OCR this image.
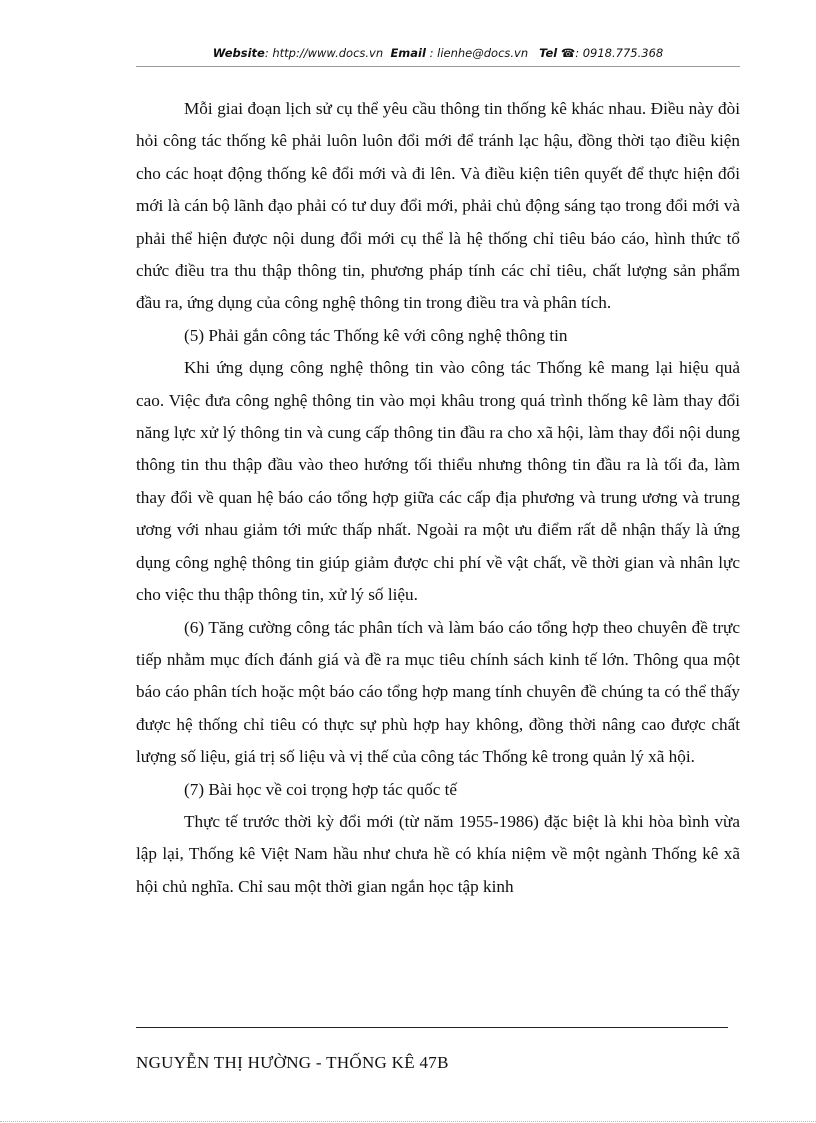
Website: http://www.docs.vn Email : lienhe@docs.vn Tel ☎: 0918.775.368

Mỗi giai đoạn lịch sử cụ thể yêu cầu thông tin thống kê khác nhau. Điều này đòi hỏi công tác thống kê phải luôn luôn đổi mới để tránh lạc hậu, đồng thời tạo điều kiện cho các hoạt động thống kê đổi mới và đi lên. Và điều kiện tiên quyết để thực hiện đổi mới là cán bộ lãnh đạo phải có tư duy đổi mới, phải chủ động sáng tạo trong đổi mới và phải thể hiện được nội dung đổi mới cụ thể là hệ thống chỉ tiêu báo cáo, hình thức tổ chức điều tra thu thập thông tin, phương pháp tính các chỉ tiêu, chất lượng sản phẩm đầu ra, ứng dụng của công nghệ thông tin trong điều tra và phân tích.

(5) Phải gắn công tác Thống kê với công nghệ thông tin

Khi ứng dụng công nghệ thông tin vào công tác Thống kê mang lại hiệu quả cao. Việc đưa công nghệ thông tin vào mọi khâu trong quá trình thống kê làm thay đổi năng lực xử lý thông tin và cung cấp thông tin đầu ra cho xã hội, làm thay đổi nội dung thông tin thu thập đầu vào theo hướng tối thiểu nhưng thông tin đầu ra là tối đa, làm thay đổi về quan hệ báo cáo tổng hợp giữa các cấp địa phương và trung ương và trung ương với nhau giảm tới mức thấp nhất. Ngoài ra một ưu điểm rất dễ nhận thấy là ứng dụng công nghệ thông tin giúp giảm được chi phí về vật chất, về thời gian và nhân lực cho việc thu thập thông tin, xử lý số liệu.

(6) Tăng cường công tác phân tích và làm báo cáo tổng hợp theo chuyên đề trực tiếp nhằm mục đích đánh giá và đề ra mục tiêu chính sách kinh tế lớn. Thông qua một báo cáo phân tích hoặc một báo cáo tổng hợp mang tính chuyên đề chúng ta có thể thấy được hệ thống chỉ tiêu có thực sự phù hợp hay không, đồng thời nâng cao được chất lượng số liệu, giá trị số liệu và vị thế của công tác Thống kê trong quản lý xã hội.

(7) Bài học về coi trọng hợp tác quốc tế

Thực tế trước thời kỳ đổi mới (từ năm 1955-1986) đặc biệt là khi hòa bình vừa lập lại, Thống kê Việt Nam hầu như chưa hề có khía niệm về một ngành Thống kê xã hội chủ nghĩa. Chỉ sau một thời gian ngắn học tập kinh

NGUYỄN THỊ HƯỜNG - THỐNG KÊ 47B
